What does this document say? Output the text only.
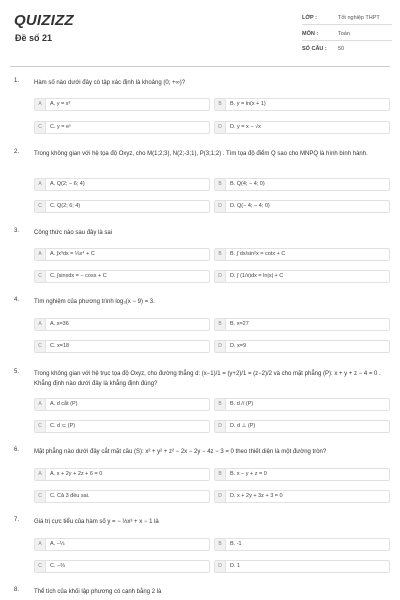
QUIZIZZ
Đề số 21
LỚP :	Tốt nghiệp THPT
MÔN :	Toán
SỐ CÂU :	50
1. Hàm số nào dưới đây có tập xác định là khoảng (0; +∞)?
A	A. y = x³	B	B. y = ln(x + 1)
C	C. y = eˣ	D	D. y = x − √x
2. Trong không gian với hệ tọa độ Oxyz, cho M(1;2;3), N(2;-3;1), P(3;1;2) . Tìm tọa độ điểm Q sao cho MNPQ là hình bình hành.
A	A. Q(2; − 6; 4)	B	B. Q(4; − 4; 0)
C	C. Q(2; 6; 4)	D	D. Q(− 4; − 4; 0)
3. Công thức nào sau đây là sai
A	A. ∫x³dx = ⅓x⁴ + C	B	B. ∫ dx/sin²x = cotx + C
C	C. ∫sinxdx = − cosx + C	D	D. ∫ (1/x)dx = ln|x| + C
4. Tìm nghiệm của phương trình log₃(x − 9) = 3.
A	A. x=36	B	B. x=27
C	C. x=18	D	D. x=9
5. Trong không gian với hệ trục tọa độ Oxyz, cho đường thẳng d: (x−1)/1 = (y+2)/1 = (z−2)/2 và cho mặt phẳng (P): x + y + z − 4 = 0 . Khẳng định nào dưới đây là khẳng định đúng?
A	A. d cắt (P)	B	B. d // (P)
C	C. d ⊂ (P)	D	D. d ⊥ (P)
6. Mặt phẳng nào dưới đây cắt mặt cầu (S): x² + y² + z² − 2x − 2y − 4z − 3 = 0 theo thiết diện là một đường tròn?
A	A. x + 2y + 2z + 6 = 0	B	B. x − y + z = 0
C	C. Cả 3 đều sai.	D	D. x + 2y + 3z + 3 = 0
7. Giá trị cực tiểu của hàm số y = − ⅓x³ + x − 1 là
A	A. −⅓	B	B. -1
C	C. −⅔	D	D. 1
8. Thể tích của khối lập phương có cạnh bằng 2 là
